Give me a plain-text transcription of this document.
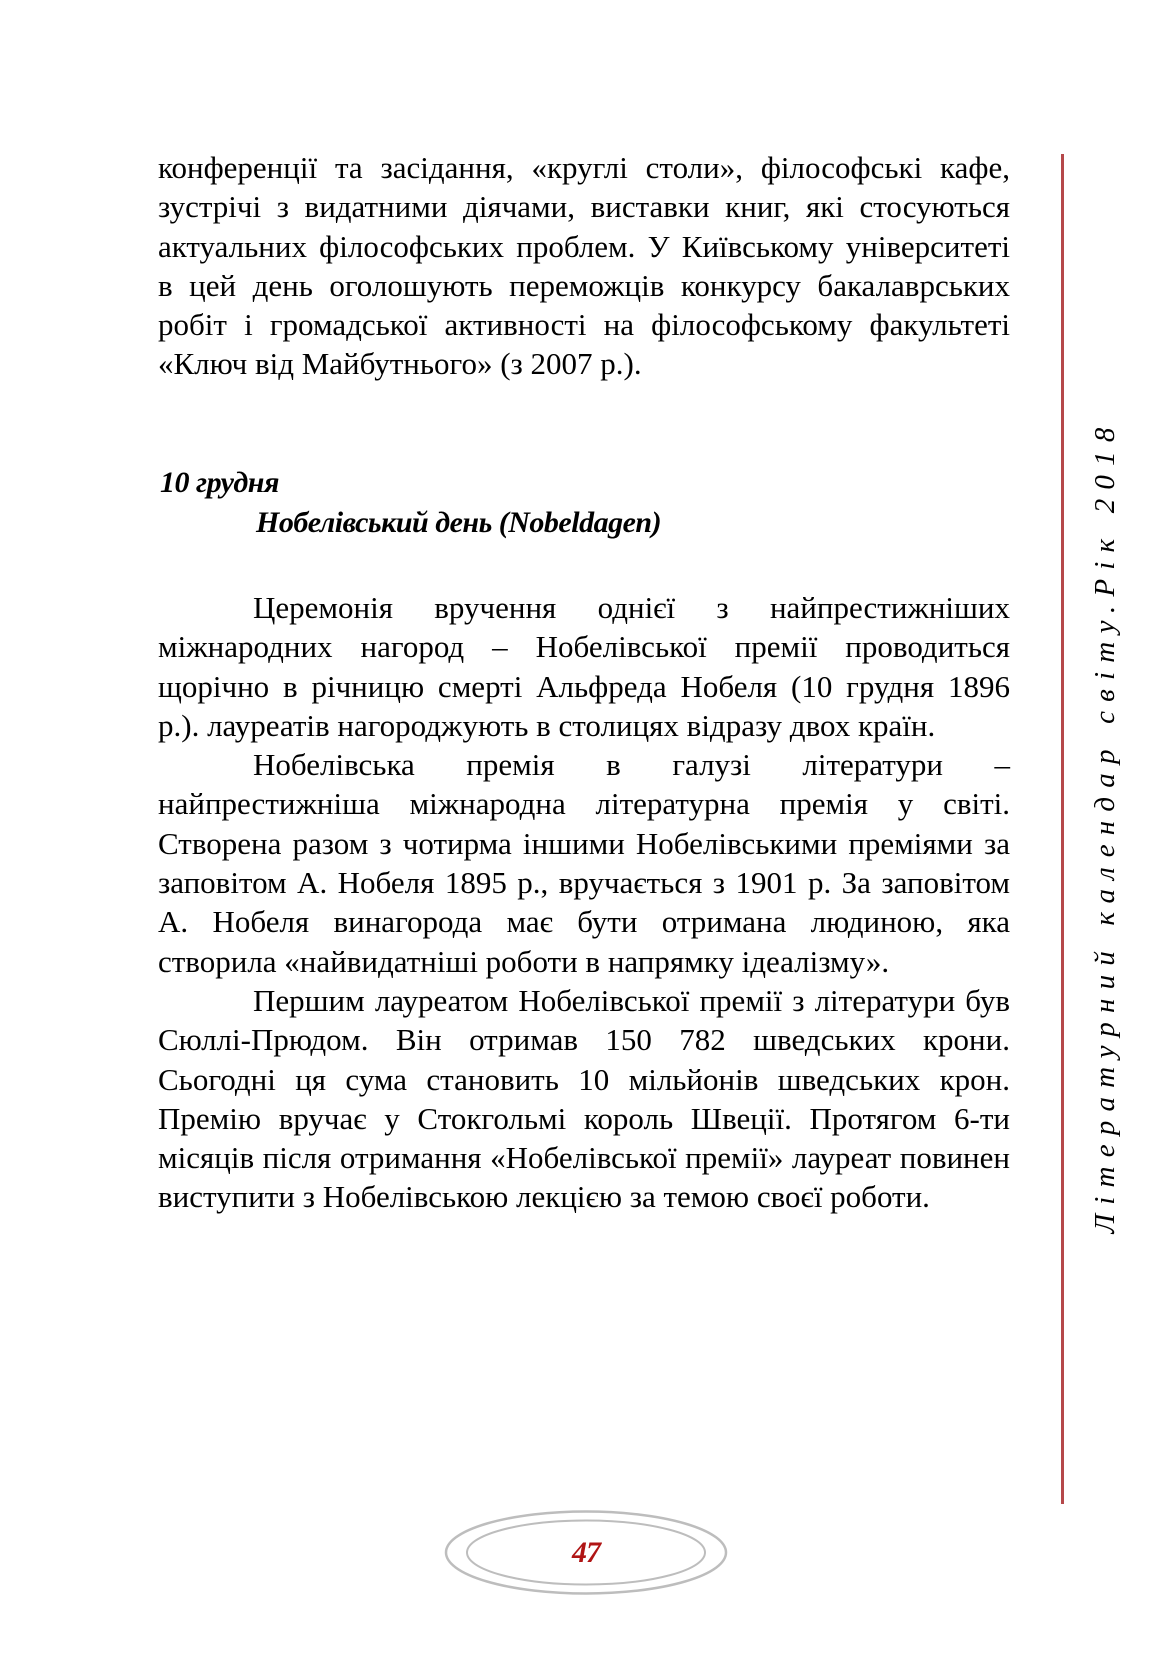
конференції та засідання, «круглі столи», філософські кафе, зустрічі з видатними діячами, виставки книг, які стосуються актуальних філософських проблем. У Київському університеті в цей день оголошують переможців конкурсу бакалаврських робіт і громадської активності на філософському факультеті «Ключ від Майбутнього» (з 2007 р.).

10 грудня
Нобелівський день (Nobeldagen)

Церемонія вручення однієї з найпрестижніших міжнародних нагород – Нобелівської премії проводиться щорічно в річницю смерті Альфреда Нобеля (10 грудня 1896 р.). лауреатів нагороджують в столицях відразу двох країн.

Нобелівська премія в галузі літератури – найпрестижніша міжнародна літературна премія у світі. Створена разом з чотирма іншими Нобелівськими преміями за заповітом А. Нобеля 1895 р., вручається з 1901 р. За заповітом А. Нобеля винагорода має бути отримана людиною, яка створила «найвидатніші роботи в напрямку ідеалізму».

Першим лауреатом Нобелівської премії з літератури був Сюллі-Прюдом. Він отримав 150 782 шведських крони. Сьогодні ця сума становить 10 мільйонів шведських крон. Премію вручає у Стокгольмі король Швеції. Протягом 6-ти місяців після отримання «Нобелівської премії» лауреат повинен виступити з Нобелівською лекцією за темою своєї роботи.	Літературний календар світу.Рік 2018
47
